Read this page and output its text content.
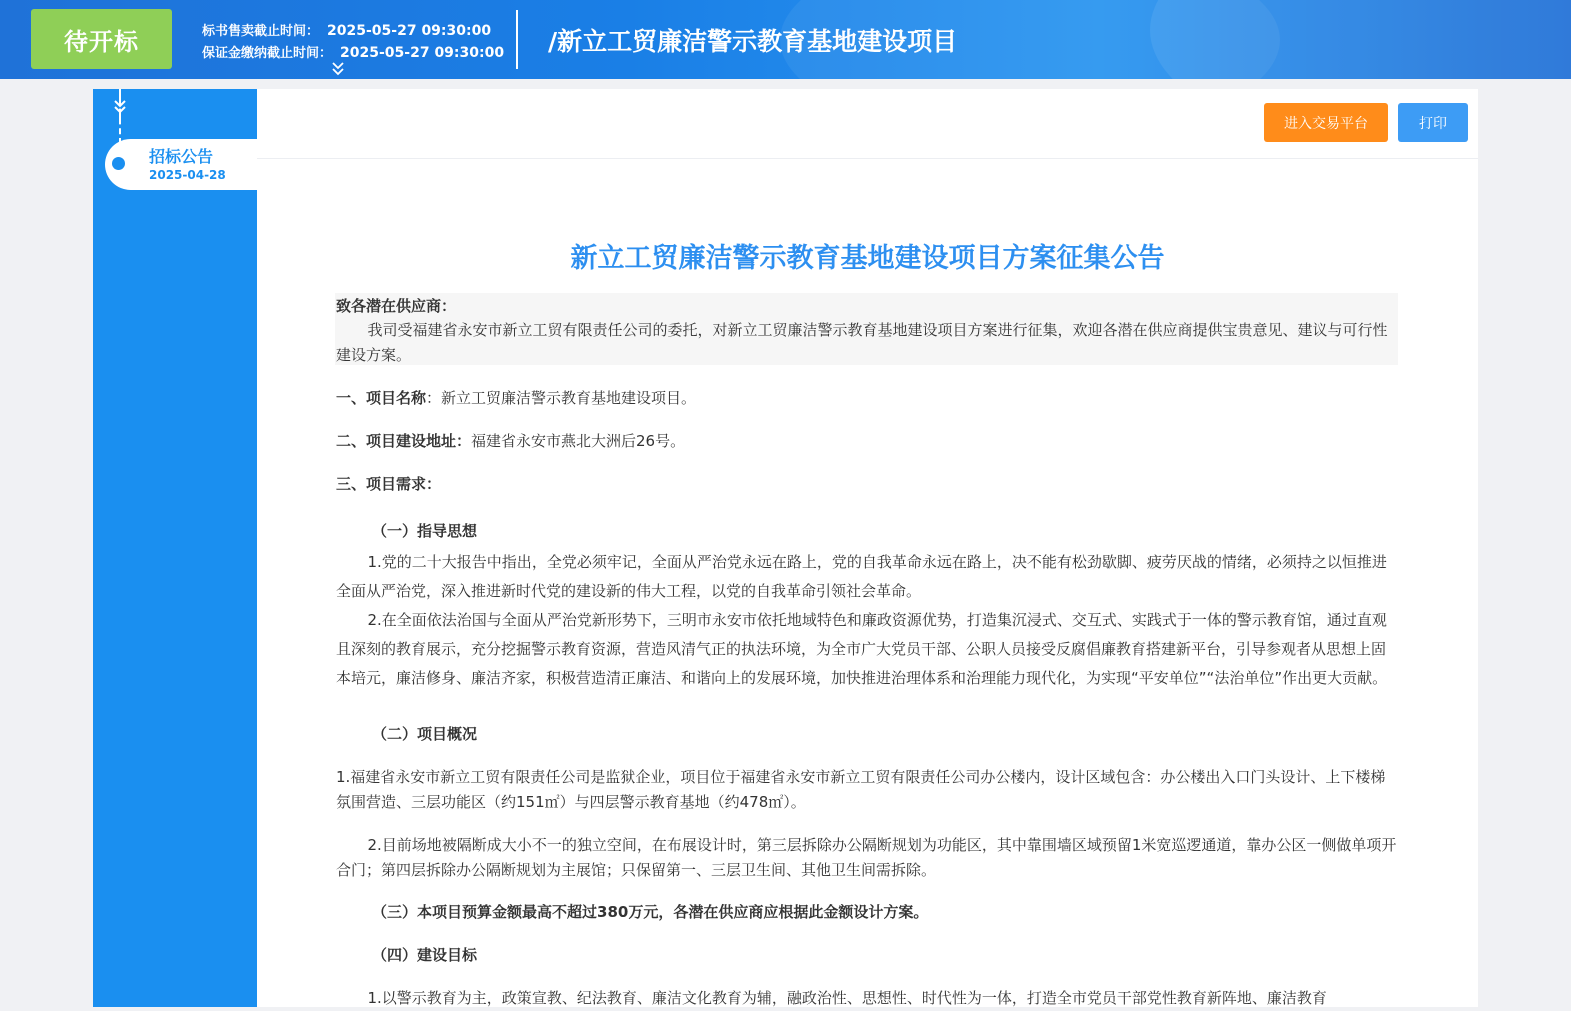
待开标	标书售卖截止时间： 2025-05-27 09:30:00
保证金缴纳截止时间： 2025-05-27 09:30:00 /新立工贸廉洁警示教育基地建设项目
招标公告
2025-04-28
进入交易平台	打印
新立工贸廉洁警示教育基地建设项目方案征集公告
致各潜在供应商：
我司受福建省永安市新立工贸有限责任公司的委托，对新立工贸廉洁警示教育基地建设项目方案进行征集，欢迎各潜在供应商提供宝贵意见、建议与可行性建设方案。
一、项目名称：新立工贸廉洁警示教育基地建设项目。
二、项目建设地址：福建省永安市燕北大洲后26号。
三、项目需求：
（一）指导思想
1.党的二十大报告中指出，全党必须牢记，全面从严治党永远在路上，党的自我革命永远在路上，决不能有松劲歇脚、疲劳厌战的情绪，必须持之以恒推进全面从严治党，深入推进新时代党的建设新的伟大工程，以党的自我革命引领社会革命。
2.在全面依法治国与全面从严治党新形势下，三明市永安市依托地域特色和廉政资源优势，打造集沉浸式、交互式、实践式于一体的警示教育馆，通过直观且深刻的教育展示，充分挖掘警示教育资源，营造风清气正的执法环境，为全市广大党员干部、公职人员接受反腐倡廉教育搭建新平台，引导参观者从思想上固本培元，廉洁修身、廉洁齐家，积极营造清正廉洁、和谐向上的发展环境，加快推进治理体系和治理能力现代化，为实现“平安单位”“法治单位”作出更大贡献。
（二）项目概况
1.福建省永安市新立工贸有限责任公司是监狱企业，项目位于福建省永安市新立工贸有限责任公司办公楼内，设计区域包含：办公楼出入口门头设计、上下楼梯氛围营造、三层功能区（约151㎡）与四层警示教育基地（约478㎡）。
2.目前场地被隔断成大小不一的独立空间，在布展设计时，第三层拆除办公隔断规划为功能区，其中靠围墙区域预留1米宽巡逻通道，靠办公区一侧做单项开合门；第四层拆除办公隔断规划为主展馆；只保留第一、三层卫生间、其他卫生间需拆除。
（三）本项目预算金额最高不超过380万元，各潜在供应商应根据此金额设计方案。
（四）建设目标
1.以警示教育为主，政策宣教、纪法教育、廉洁文化教育为辅，融政治性、思想性、时代性为一体，打造全市党员干部党性教育新阵地、廉洁教育
